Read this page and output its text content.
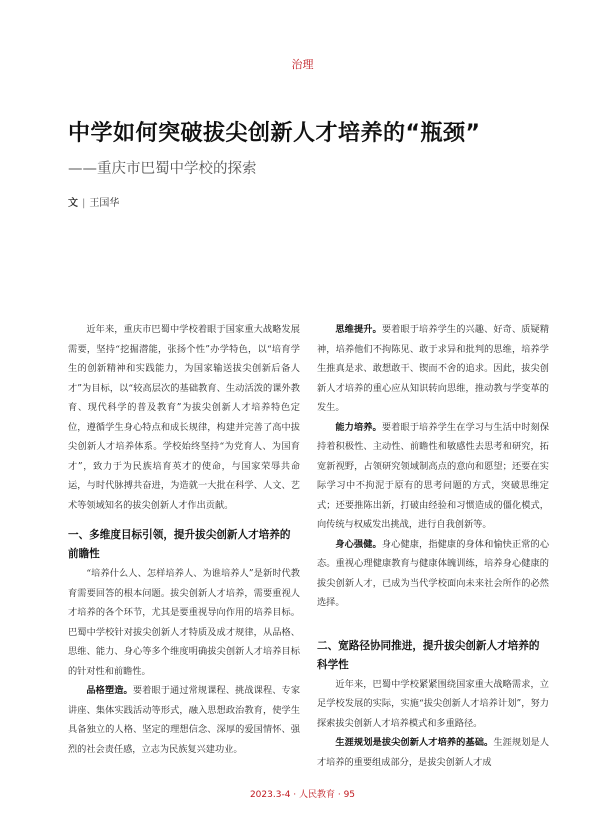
治理
中学如何突破拔尖创新人才培养的“瓶颈”
——重庆市巴蜀中学校的探索
文 | 王国华

近年来，重庆市巴蜀中学校着眼于国家重大战略发展需要，坚持“挖掘潜能，张扬个性”办学特色，以“培育学生的创新精神和实践能力，为国家输送拔尖创新后备人才”为目标，以“较高层次的基础教育、生动活泼的课外教育、现代科学的普及教育”为拔尖创新人才培养特色定位，遵循学生身心特点和成长规律，构建并完善了高中拔尖创新人才培养体系。学校始终坚持“为党育人、为国育才”，致力于为民族培育英才的使命，与国家荣辱共命运，与时代脉搏共奋进，为造就一大批在科学、人文、艺术等领域知名的拔尖创新人才作出贡献。

一、多维度目标引领，提升拔尖创新人才培养的前瞻性

“培养什么人、怎样培养人、为谁培养人”是新时代教育需要回答的根本问题。拔尖创新人才培养，需要重视人才培养的各个环节，尤其是要重视导向作用的培养目标。巴蜀中学校针对拔尖创新人才特质及成才规律，从品格、思维、能力、身心等多个维度明确拔尖创新人才培养目标的针对性和前瞻性。

品格塑造。要着眼于通过常规课程、挑战课程、专家讲座、集体实践活动等形式，融入思想政治教育，使学生具备独立的人格、坚定的理想信念、深厚的爱国情怀、强烈的社会责任感，立志为民族复兴建功业。

思维提升。要着眼于培养学生的兴趣、好奇、质疑精神，培养他们不拘陈见、敢于求异和批判的思维，培养学生推真是求、敢想敢干、锲而不舍的追求。因此，拔尖创新人才培养的重心应从知识转向思维，推动教与学变革的发生。

能力培养。要着眼于培养学生在学习与生活中时刻保持着积极性、主动性、前瞻性和敏感性去思考和研究，拓宽新视野，占领研究领域制高点的意向和愿望；还要在实际学习中不拘泥于原有的思考问题的方式，突破思维定式；还要推陈出新，打破由经验和习惯造成的僵化模式，向传统与权威发出挑战，进行自我创新等。

身心强健。身心健康，指健康的身体和愉快正常的心态。重视心理健康教育与健康体魄训练，培养身心健康的拔尖创新人才，已成为当代学校面向未来社会所作的必然选择。

二、宽路径协同推进，提升拔尖创新人才培养的科学性

近年来，巴蜀中学校紧紧围绕国家重大战略需求，立足学校发展的实际，实施“拔尖创新人才培养计划”，努力探索拔尖创新人才培养模式和多重路径。

生涯规划是拔尖创新人才培养的基础。生涯规划是人才培养的重要组成部分，是拔尖创新人才成

2023.3-4 · 人民教育 · 95
